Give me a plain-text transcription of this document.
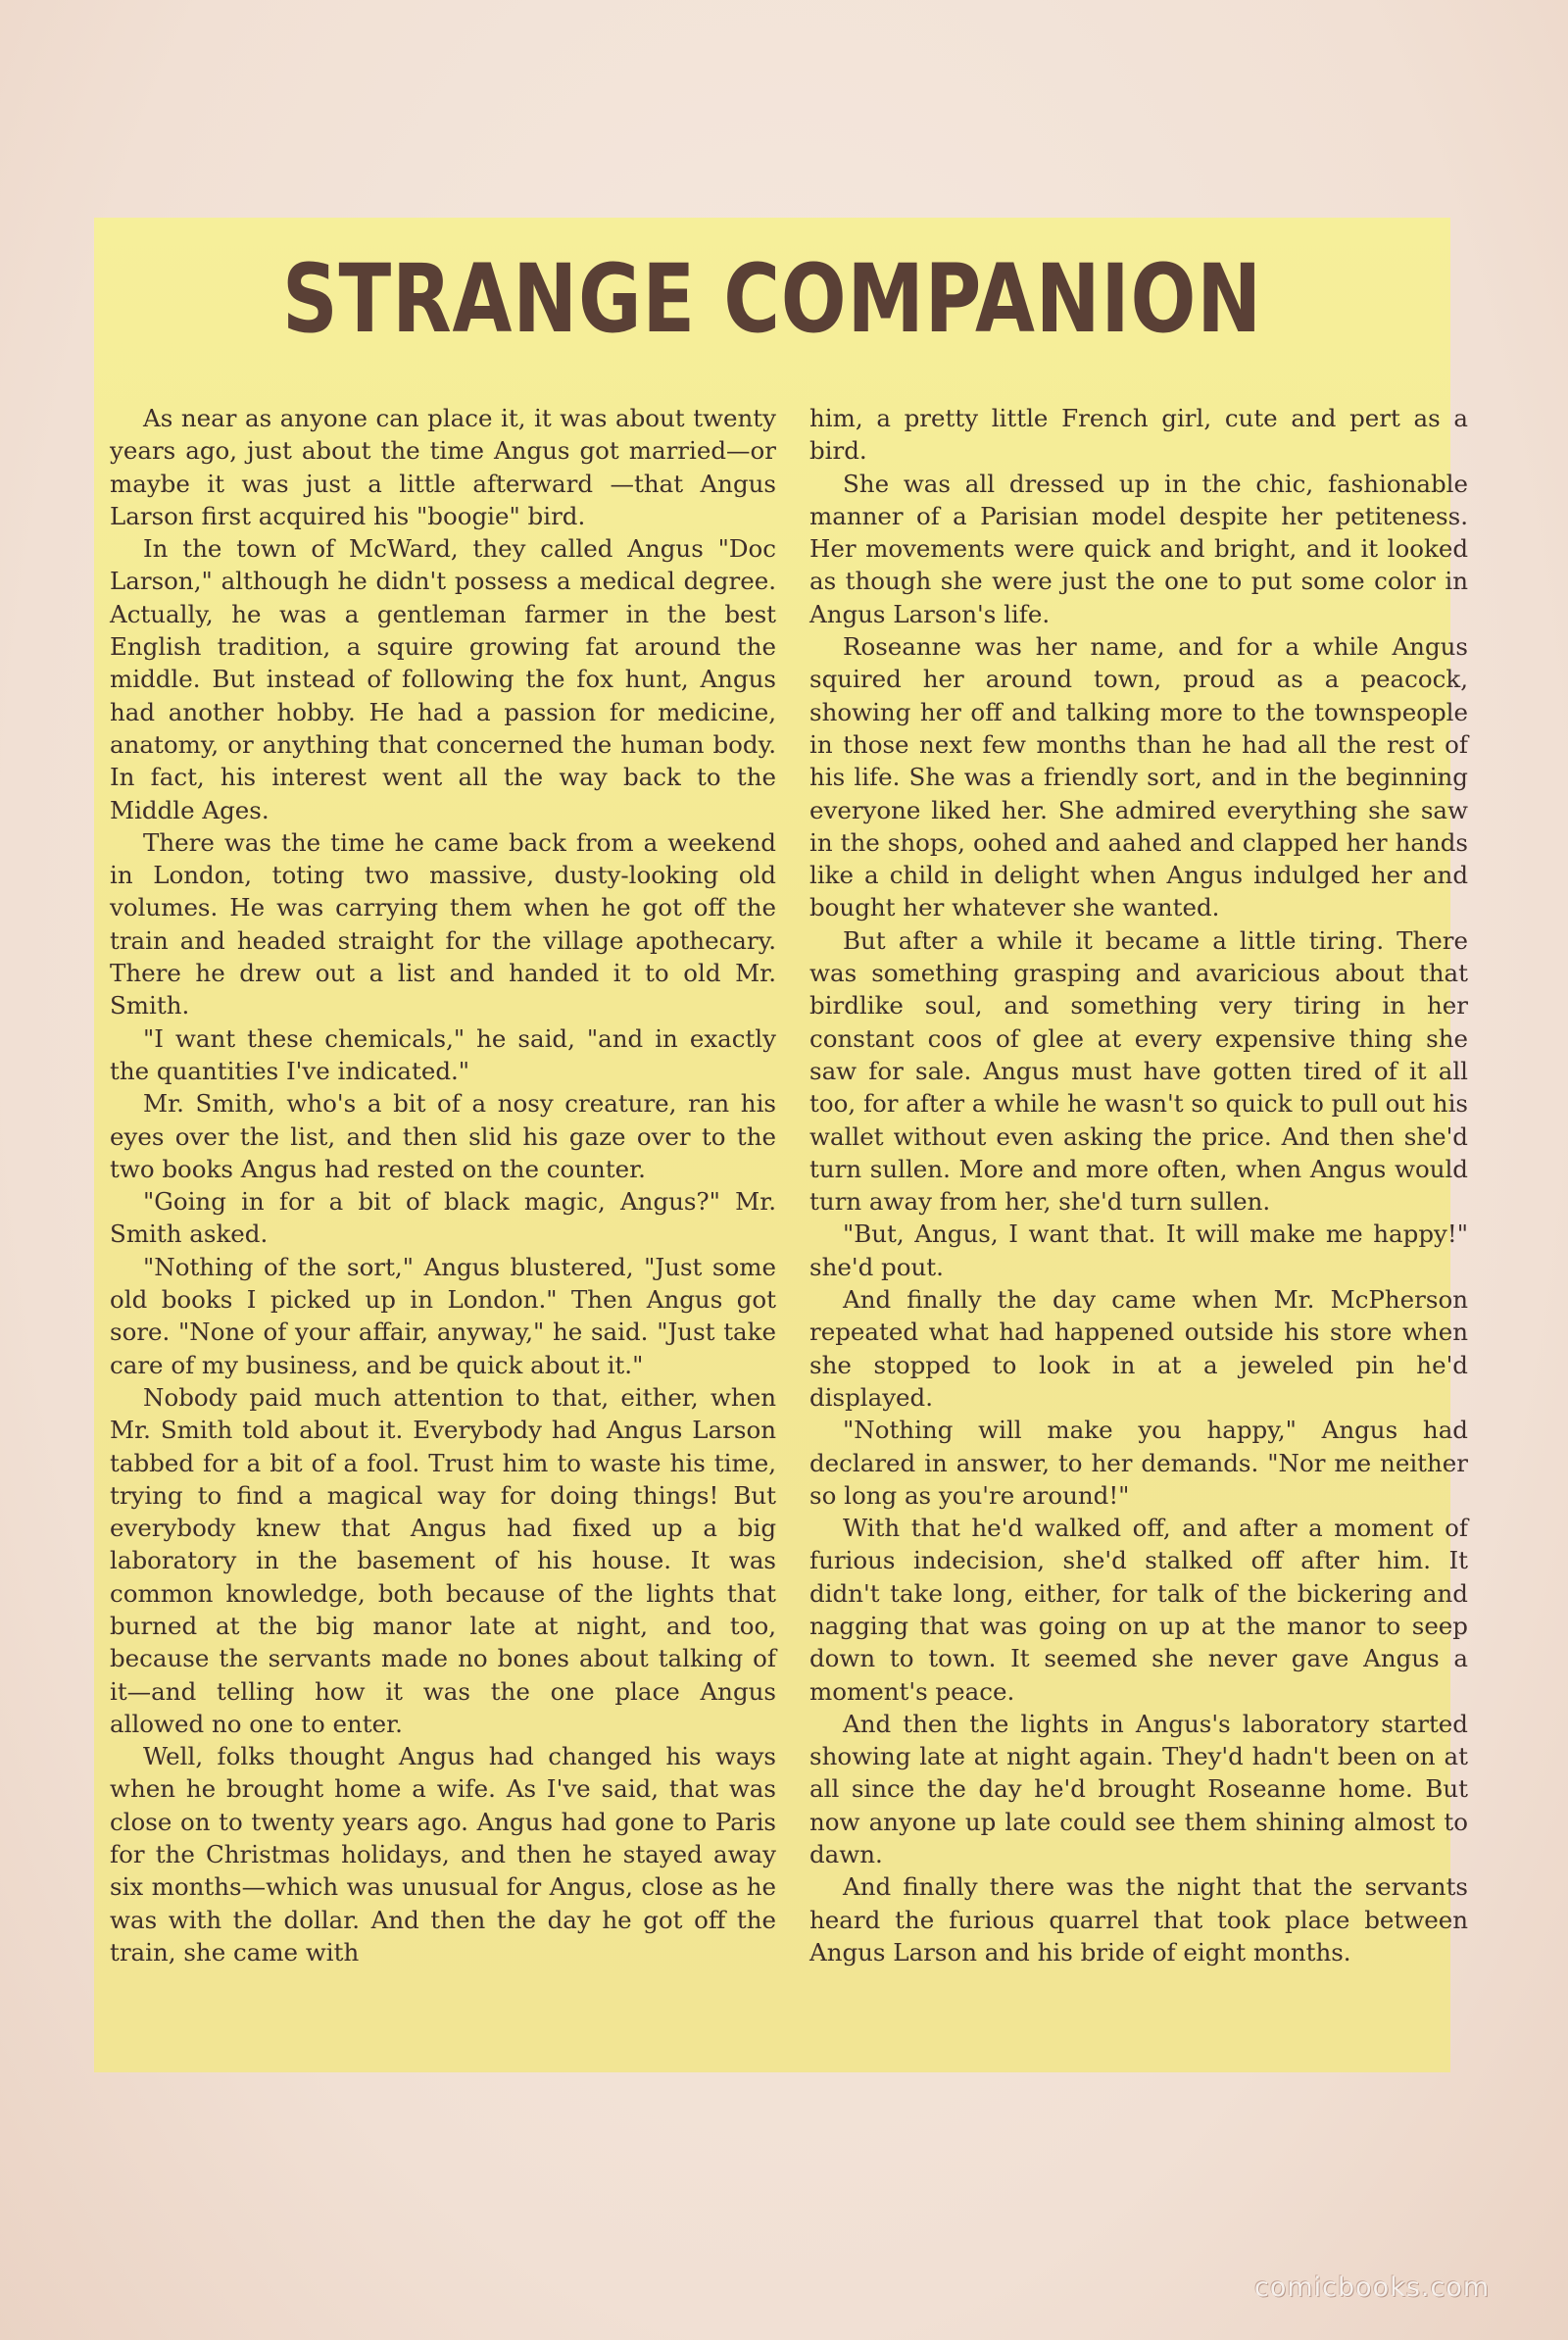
STRANGE COMPANION

As near as anyone can place it, it was about twenty years ago, just about the time Angus got married—or maybe it was just a little afterward —that Angus Larson first acquired his "boogie" bird.

In the town of McWard, they called Angus "Doc Larson," although he didn't possess a medical degree. Actually, he was a gentleman farmer in the best English tradition, a squire growing fat around the middle. But instead of following the fox hunt, Angus had another hobby. He had a passion for medicine, anatomy, or anything that concerned the human body. In fact, his interest went all the way back to the Middle Ages.

There was the time he came back from a weekend in London, toting two massive, dusty-looking old volumes. He was carrying them when he got off the train and headed straight for the village apothecary. There he drew out a list and handed it to old Mr. Smith.

"I want these chemicals," he said, "and in exactly the quantities I've indicated."

Mr. Smith, who's a bit of a nosy creature, ran his eyes over the list, and then slid his gaze over to the two books Angus had rested on the counter.

"Going in for a bit of black magic, Angus?" Mr. Smith asked.

"Nothing of the sort," Angus blustered, "Just some old books I picked up in London." Then Angus got sore. "None of your affair, anyway," he said. "Just take care of my business, and be quick about it."

Nobody paid much attention to that, either, when Mr. Smith told about it. Everybody had Angus Larson tabbed for a bit of a fool. Trust him to waste his time, trying to find a magical way for doing things! But everybody knew that Angus had fixed up a big laboratory in the basement of his house. It was common knowledge, both because of the lights that burned at the big manor late at night, and too, because the servants made no bones about talking of it—and telling how it was the one place Angus allowed no one to enter.

Well, folks thought Angus had changed his ways when he brought home a wife. As I've said, that was close on to twenty years ago. Angus had gone to Paris for the Christmas holidays, and then he stayed away six months—which was unusual for Angus, close as he was with the dollar. And then the day he got off the train, she came with

him, a pretty little French girl, cute and pert as a bird.

She was all dressed up in the chic, fashionable manner of a Parisian model despite her petiteness. Her movements were quick and bright, and it looked as though she were just the one to put some color in Angus Larson's life.

Roseanne was her name, and for a while Angus squired her around town, proud as a peacock, showing her off and talking more to the townspeople in those next few months than he had all the rest of his life. She was a friendly sort, and in the beginning everyone liked her. She admired everything she saw in the shops, oohed and aahed and clapped her hands like a child in delight when Angus indulged her and bought her whatever she wanted.

But after a while it became a little tiring. There was something grasping and avaricious about that birdlike soul, and something very tiring in her constant coos of glee at every expensive thing she saw for sale. Angus must have gotten tired of it all too, for after a while he wasn't so quick to pull out his wallet without even asking the price. And then she'd turn sullen. More and more often, when Angus would turn away from her, she'd turn sullen.

"But, Angus, I want that. It will make me happy!" she'd pout.

And finally the day came when Mr. McPherson repeated what had happened outside his store when she stopped to look in at a jeweled pin he'd displayed.

"Nothing will make you happy," Angus had declared in answer, to her demands. "Nor me neither so long as you're around!"

With that he'd walked off, and after a moment of furious indecision, she'd stalked off after him. It didn't take long, either, for talk of the bickering and nagging that was going on up at the manor to seep down to town. It seemed she never gave Angus a moment's peace.

And then the lights in Angus's laboratory started showing late at night again. They'd hadn't been on at all since the day he'd brought Roseanne home. But now anyone up late could see them shining almost to dawn.

And finally there was the night that the servants heard the furious quarrel that took place between Angus Larson and his bride of eight months.

comicbooks.com
